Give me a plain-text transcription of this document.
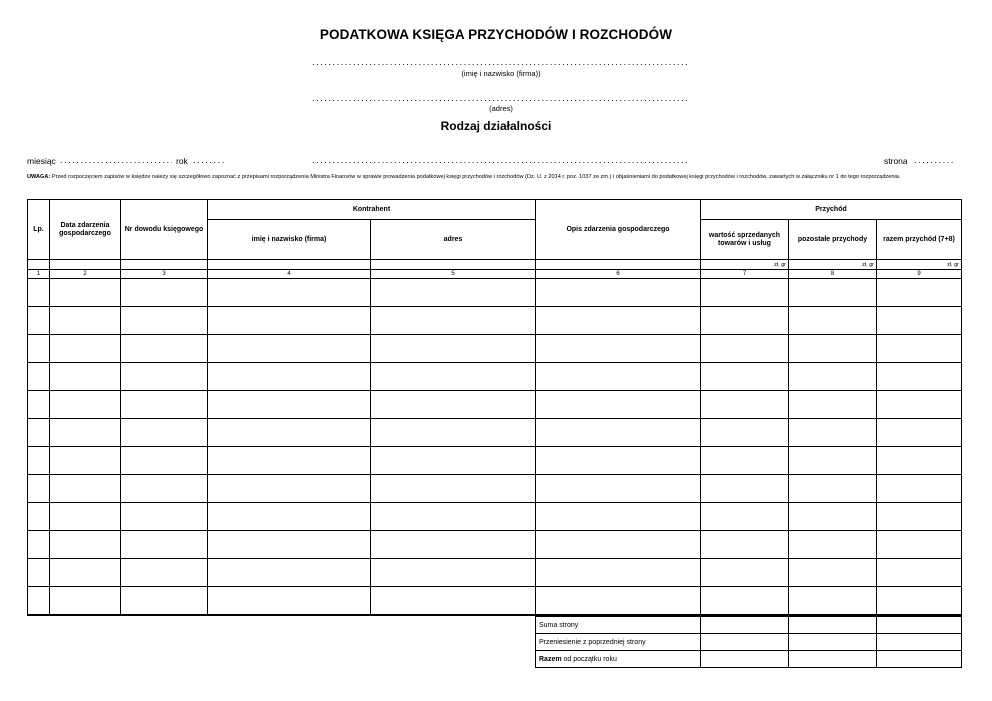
PODATKOWA KSIĘGA PRZYCHODÓW I ROZCHODÓW
.....
(imię i nazwisko (firma))
.....
(adres)
Rodzaj działalności
miesiąc .....	rok ..... .....	strona
.....
UWAGA: Przed rozpoczęciem zapisów w księdze należy się szczegółowo zapoznać z przepisami rozporządzenia Ministra Finansów w sprawie prowadzenia podatkowej księgi przychodów i rozchodów (Dz. U. z 2014 r. poz. 1037 ze zm.) i objaśnieniami do podatkowej księgi przychodów i rozchodów, zawartych w załączniku nr 1 do tego rozporządzenia.
Lp.	Data zdarzenia gospodarczego	Nr dowodu księgowego	Kontrahent		Opis zdarzenia gospodarczego	Przychód		
			imię i nazwisko (firma)	adres		wartość sprzedanych towarów i usług	pozostałe przychody	razem przychód (7+8)
						zł, gr	zł, gr	zł, gr
1	2	3	4	5	6	7	8	9

Suma strony			
Przeniesienie z poprzedniej strony			
Razem od początku roku			
